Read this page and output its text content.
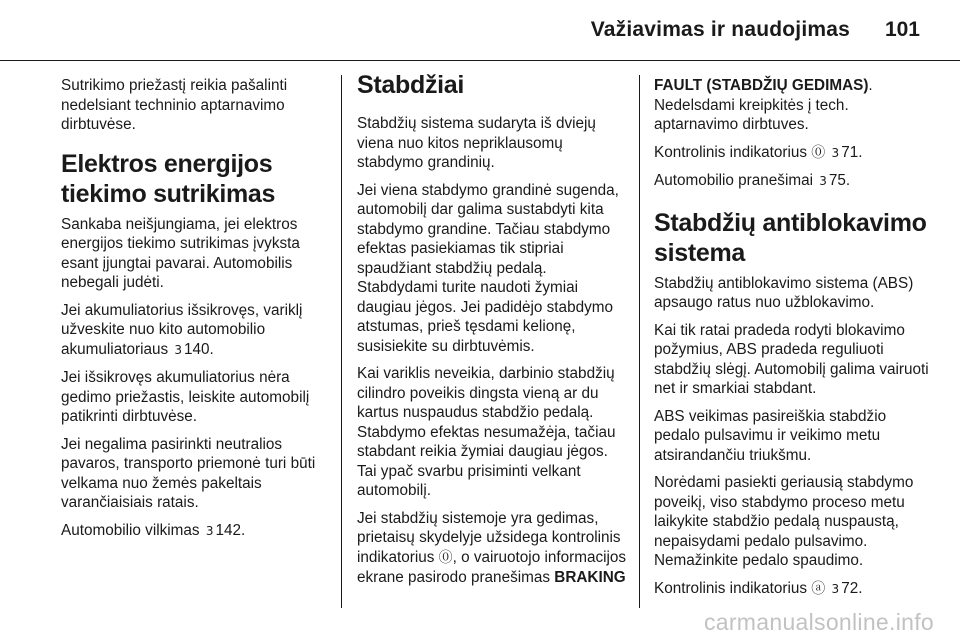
Važiavimas ir naudojimas 101

Sutrikimo priežastį reikia pašalinti nedelsiant techninio aptarnavimo dirbtuvėse.

Elektros energijos tiekimo sutrikimas

Sankaba neišjungiama, jei elektros energijos tiekimo sutrikimas įvyksta esant įjungtai pavarai. Automobilis nebegali judėti.

Jei akumuliatorius išsikrovęs, variklį užveskite nuo kito automobilio akumuliatoriaus 3 140.

Jei išsikrovęs akumuliatorius nėra gedimo priežastis, leiskite automobilį patikrinti dirbtuvėse.

Jei negalima pasirinkti neutralios pavaros, transporto priemonė turi būti velkama nuo žemės pakeltais varančiaisiais ratais.

Automobilio vilkimas 3 142.

Stabdžiai

Stabdžių sistema sudaryta iš dviejų viena nuo kitos nepriklausomų stabdymo grandinių.

Jei viena stabdymo grandinė sugenda, automobilį dar galima sustabdyti kita stabdymo grandine. Tačiau stabdymo efektas pasiekiamas tik stipriai spaudžiant stabdžių pedalą. Stabdydami turite naudoti žymiai daugiau jėgos. Jei padidėjo stabdymo atstumas, prieš tęsdami kelionę, susisiekite su dirbtuvėmis.

Kai variklis neveikia, darbinio stabdžių cilindro poveikis dingsta vieną ar du kartus nuspaudus stabdžio pedalą. Stabdymo efektas nesumažėja, tačiau stabdant reikia žymiai daugiau jėgos. Tai ypač svarbu prisiminti velkant automobilį.

Jei stabdžių sistemoje yra gedimas, prietaisų skydelyje užsidega kontrolinis indikatorius ⓪, o vairuotojo informacijos ekrane pasirodo pranešimas BRAKING

FAULT (STABDŽIŲ GEDIMAS). Nedelsdami kreipkitės į tech. aptarnavimo dirbtuves.

Kontrolinis indikatorius ⓪ 3 71.

Automobilio pranešimai 3 75.

Stabdžių antiblokavimo sistema

Stabdžių antiblokavimo sistema (ABS) apsaugo ratus nuo užblokavimo.

Kai tik ratai pradeda rodyti blokavimo požymius, ABS pradeda reguliuoti stabdžių slėgį. Automobilį galima vairuoti net ir smarkiai stabdant.

ABS veikimas pasireiškia stabdžio pedalo pulsavimu ir veikimo metu atsirandančiu triukšmu.

Norėdami pasiekti geriausią stabdymo poveikį, viso stabdymo proceso metu laikykite stabdžio pedalą nuspaustą, nepaisydami pedalo pulsavimo. Nemažinkite pedalo spaudimo.

Kontrolinis indikatorius ⓐ 3 72.

carmanualsonline.info
